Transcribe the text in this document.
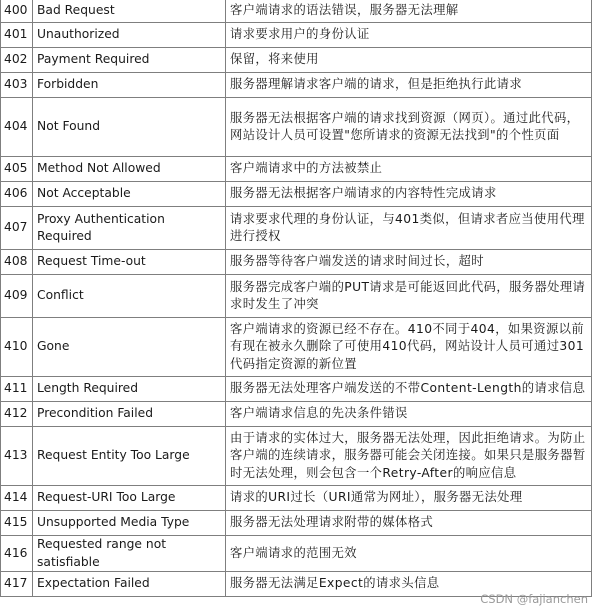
400	Bad Request	客户端请求的语法错误，服务器无法理解
401	Unauthorized	请求要求用户的身份认证
402	Payment Required	保留，将来使用
403	Forbidden	服务器理解请求客户端的请求，但是拒绝执行此请求
404	Not Found	服务器无法根据客户端的请求找到资源（网页）。通过此代码，网站设计人员可设置"您所请求的资源无法找到"的个性页面
405	Method Not Allowed	客户端请求中的方法被禁止
406	Not Acceptable	服务器无法根据客户端请求的内容特性完成请求
407	Proxy Authentication Required	请求要求代理的身份认证，与401类似，但请求者应当使用代理进行授权
408	Request Time-out	服务器等待客户端发送的请求时间过长，超时
409	Conflict	服务器完成客户端的PUT请求是可能返回此代码，服务器处理请求时发生了冲突
410	Gone	客户端请求的资源已经不存在。410不同于404，如果资源以前有现在被永久删除了可使用410代码，网站设计人员可通过301代码指定资源的新位置
411	Length Required	服务器无法处理客户端发送的不带Content-Length的请求信息
412	Precondition Failed	客户端请求信息的先决条件错误
413	Request Entity Too Large	由于请求的实体过大，服务器无法处理，因此拒绝请求。为防止客户端的连续请求，服务器可能会关闭连接。如果只是服务器暂时无法处理，则会包含一个Retry-After的响应信息
414	Request-URI Too Large	请求的URI过长（URI通常为网址），服务器无法处理
415	Unsupported Media Type	服务器无法处理请求附带的媒体格式
416	Requested range not satisfiable	客户端请求的范围无效
417	Expectation Failed	服务器无法满足Expect的请求头信息
CSDN @fajianchen
